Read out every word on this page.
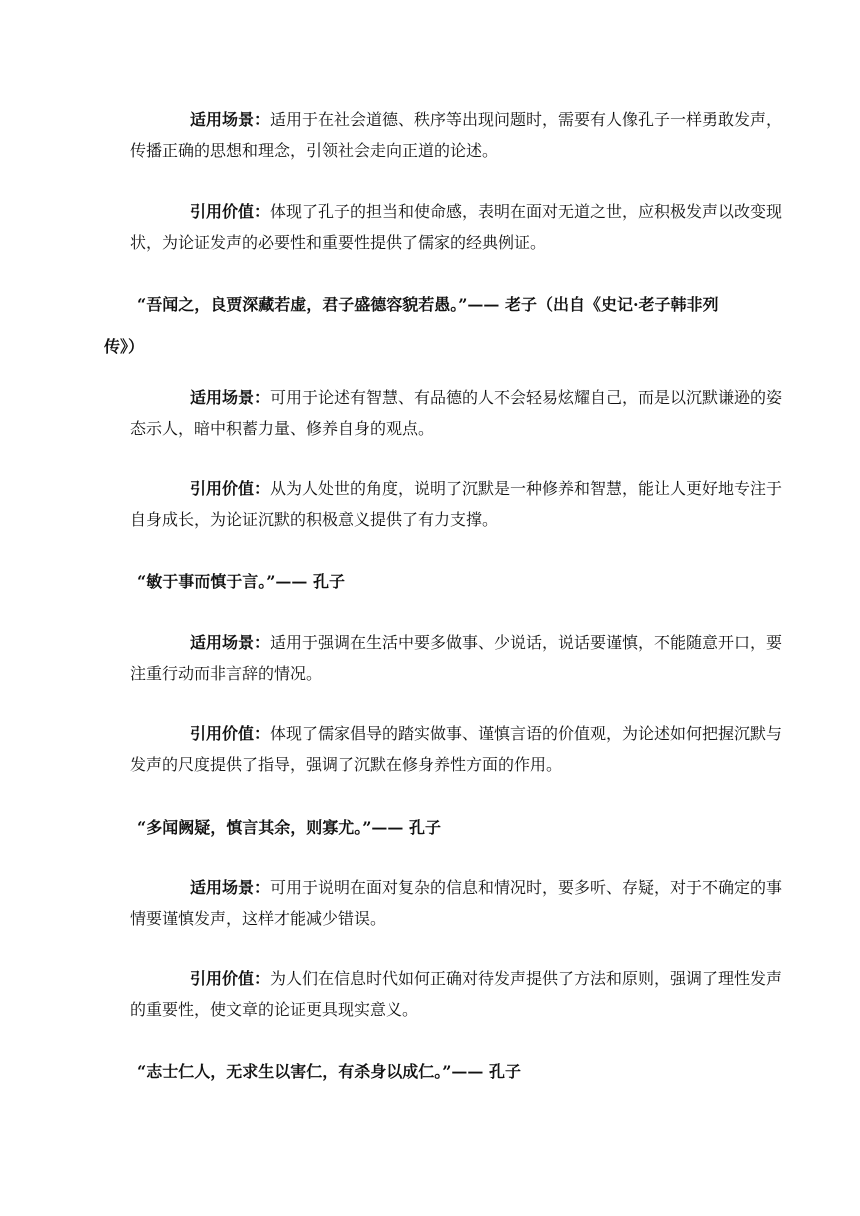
适用场景：适用于在社会道德、秩序等出现问题时，需要有人像孔子一样勇敢发声，传播正确的思想和理念，引领社会走向正道的论述。
引用价值：体现了孔子的担当和使命感，表明在面对无道之世，应积极发声以改变现状，为论证发声的必要性和重要性提供了儒家的经典例证。
“吾闻之，良贾深藏若虚，君子盛德容貌若愚。”—— 老子（出自《史记·老子韩非列
传》）
适用场景：可用于论述有智慧、有品德的人不会轻易炫耀自己，而是以沉默谦逊的姿态示人，暗中积蓄力量、修养自身的观点。
引用价值：从为人处世的角度，说明了沉默是一种修养和智慧，能让人更好地专注于自身成长，为论证沉默的积极意义提供了有力支撑。
“敏于事而慎于言。”—— 孔子
适用场景：适用于强调在生活中要多做事、少说话，说话要谨慎，不能随意开口，要注重行动而非言辞的情况。
引用价值：体现了儒家倡导的踏实做事、谨慎言语的价值观，为论述如何把握沉默与发声的尺度提供了指导，强调了沉默在修身养性方面的作用。
“多闻阙疑，慎言其余，则寡尤。”—— 孔子
适用场景：可用于说明在面对复杂的信息和情况时，要多听、存疑，对于不确定的事情要谨慎发声，这样才能减少错误。
引用价值：为人们在信息时代如何正确对待发声提供了方法和原则，强调了理性发声的重要性，使文章的论证更具现实意义。
“志士仁人，无求生以害仁，有杀身以成仁。”—— 孔子
